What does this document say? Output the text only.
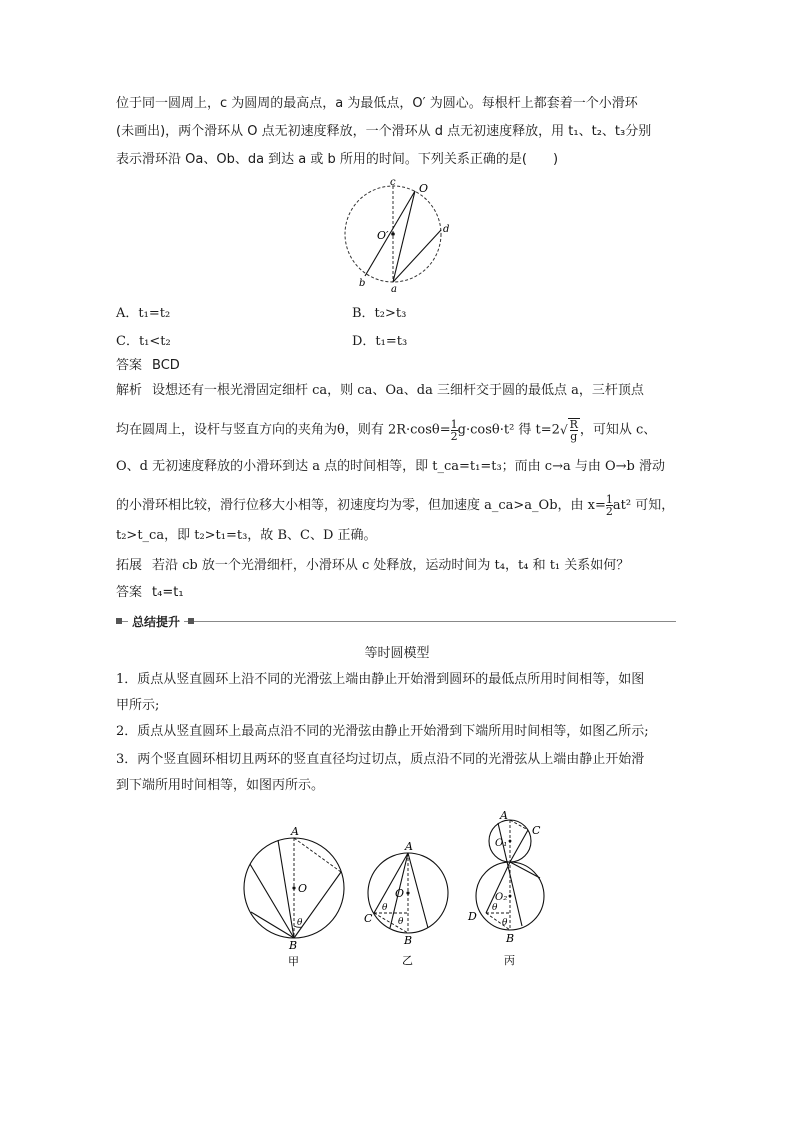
位于同一圆周上，c 为圆周的最高点，a 为最低点，O′ 为圆心。每根杆上都套着一个小滑环
(未画出)，两个滑环从 O 点无初速度释放，一个滑环从 d 点无初速度释放，用 t₁、t₂、t₃分别
表示滑环沿 Oa、Ob、da 到达 a 或 b 所用的时间。下列关系正确的是(　　)
c O
O′	d
b
a
A．t₁=t₂	B．t₂>t₃
C．t₁<t₂	D．t₁=t₃
答案 BCD
解析 设想还有一根光滑固定细杆 ca，则 ca、Oa、da 三细杆交于圆的最低点 a，三杆顶点
均在圆周上，设杆与竖直方向的夹角为θ，则有 $2R\cdot\cos\theta= \frac{1}{2} g\cdot\cos\theta\cdot t^2$ 得 $t=2√ \frac{R}{g}$ ，可知从 c、
O、d 无初速度释放的小滑环到达 a 点的时间相等，即 t_ca=t₁=t₃；而由 c→a 与由 O→b 滑动
的小滑环相比较，滑行位移大小相等，初速度均为零，但加速度 a_ca>a_Ob，由 $x= \frac{1}{2} at^2$ 可知，
t₂>t_ca，即 t₂>t₁=t₃，故 B、C、D 正确。
拓展 若沿 cb 放一个光滑细杆，小滑环从 c 处释放，运动时间为 t₄，t₄ 和 t₁ 关系如何？
答案 t₄=t₁
总结提升
等时圆模型
1．质点从竖直圆环上沿不同的光滑弦上端由静止开始滑到圆环的最低点所用时间相等，如图
甲所示;
2．质点从竖直圆环上最高点沿不同的光滑弦由静止开始滑到下端所用时间相等，如图乙所示;
3．两个竖直圆环相切且两环的竖直直径均过切点，质点沿不同的光滑弦从上端由静止开始滑
到下端所用时间相等，如图丙所示。
A
O
θ
B
甲
A
O
θ
θ
C
B
乙
A
O₁
C
O₂
D
θ
θ
B
丙
